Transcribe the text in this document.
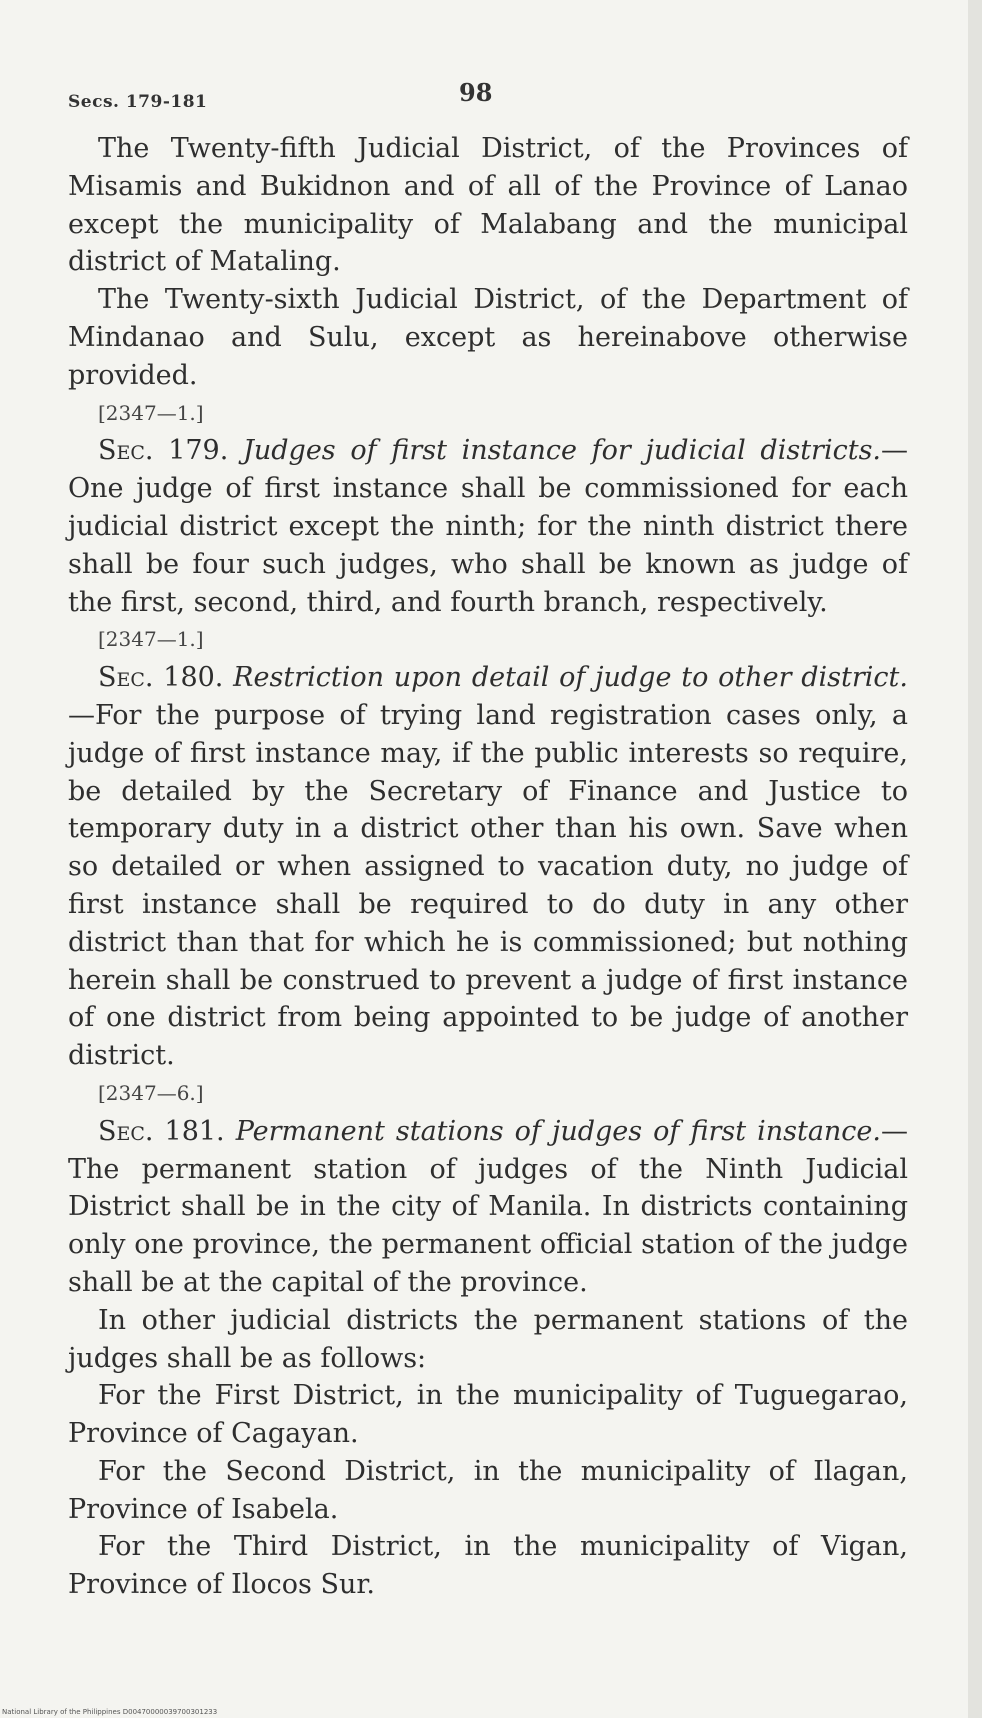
Secs. 179-181	98

The Twenty-fifth Judicial District, of the Provinces of Misamis and Bukidnon and of all of the Province of Lanao except the municipality of Malabang and the municipal district of Mataling.

The Twenty-sixth Judicial District, of the Department of Mindanao and Sulu, except as hereinabove otherwise provided.

[2347—1.]

Sec. 179. Judges of first instance for judicial districts.—One judge of first instance shall be commissioned for each judicial district except the ninth; for the ninth district there shall be four such judges, who shall be known as judge of the first, second, third, and fourth branch, respectively.

[2347—1.]

Sec. 180. Restriction upon detail of judge to other district.—For the purpose of trying land registration cases only, a judge of first instance may, if the public interests so require, be detailed by the Secretary of Finance and Justice to temporary duty in a district other than his own. Save when so detailed or when assigned to vacation duty, no judge of first instance shall be required to do duty in any other district than that for which he is commissioned; but nothing herein shall be construed to prevent a judge of first instance of one district from being appointed to be judge of another district.

[2347—6.]

Sec. 181. Permanent stations of judges of first instance.—The permanent station of judges of the Ninth Judicial District shall be in the city of Manila. In districts containing only one province, the permanent official station of the judge shall be at the capital of the province.

In other judicial districts the permanent stations of the judges shall be as follows:

For the First District, in the municipality of Tuguegarao, Province of Cagayan.

For the Second District, in the municipality of Ilagan, Province of Isabela.

For the Third District, in the municipality of Vigan, Province of Ilocos Sur.

National Library of the Philippines D00470000039700301233
